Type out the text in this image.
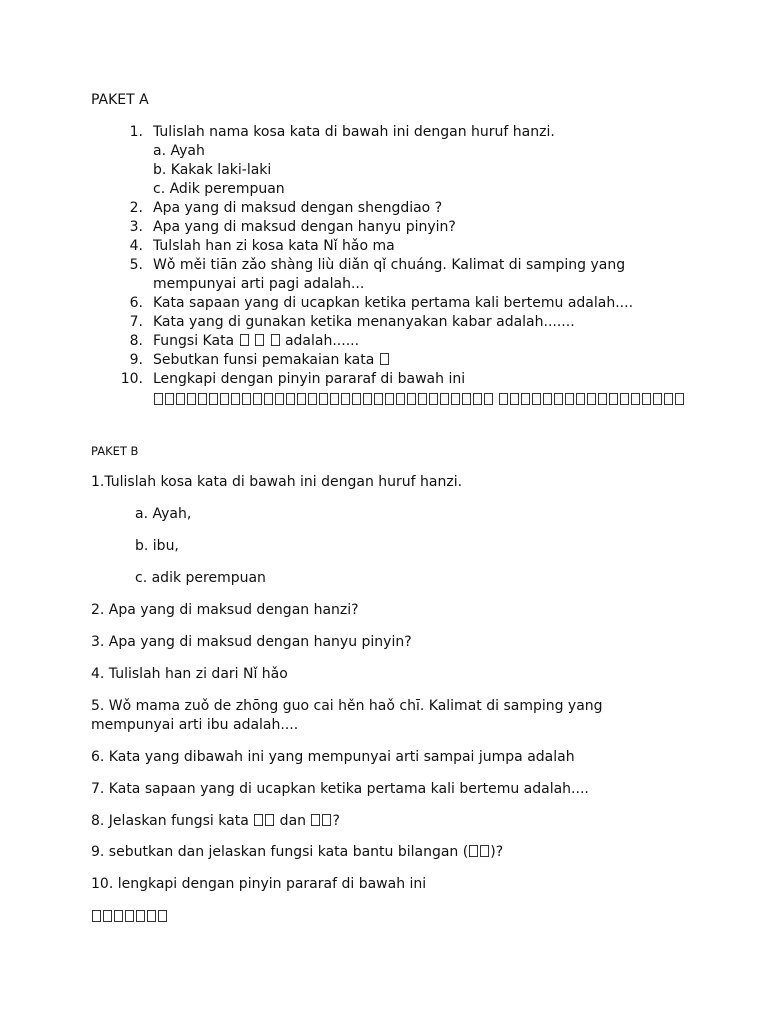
PAKET A
1. Tulislah nama kosa kata di bawah ini dengan huruf hanzi.
a. Ayah
b. Kakak laki-laki
c. Adik perempuan
2. Apa yang di maksud dengan shengdiao ?
3. Apa yang di maksud dengan hanyu pinyin?
4. Tulslah han zi kosa kata Nǐ hǎo ma
5. Wǒ měi tiān zǎo shàng liù diǎn qǐ chuáng. Kalimat di samping yang
mempunyai arti pagi adalah...
6. Kata sapaan yang di ucapkan ketika pertama kali bertemu adalah....
7. Kata yang di gunakan ketika menanyakan kabar adalah.......
8. Fungsi Kata	adalah......
9. Sebutkan funsi pemakaian kata
10. Lengkapi dengan pinyin pararaf di bawah ini

PAKET B
1.Tulislah kosa kata di bawah ini dengan huruf hanzi.
a. Ayah,
b. ibu,
c. adik perempuan
2. Apa yang di maksud dengan hanzi?
3. Apa yang di maksud dengan hanyu pinyin?
4. Tulislah han zi dari Nǐ hǎo
5. Wǒ mama zuǒ de zhōng guo cai hěn haǒ chī. Kalimat di samping yang
mempunyai arti ibu adalah....
6. Kata yang dibawah ini yang mempunyai arti sampai jumpa adalah
7. Kata sapaan yang di ucapkan ketika pertama kali bertemu adalah....
8. Jelaskan fungsi kata  dan ?
9. sebutkan dan jelaskan fungsi kata bantu bilangan ( )?
10. lengkapi dengan pinyin pararaf di bawah ini
